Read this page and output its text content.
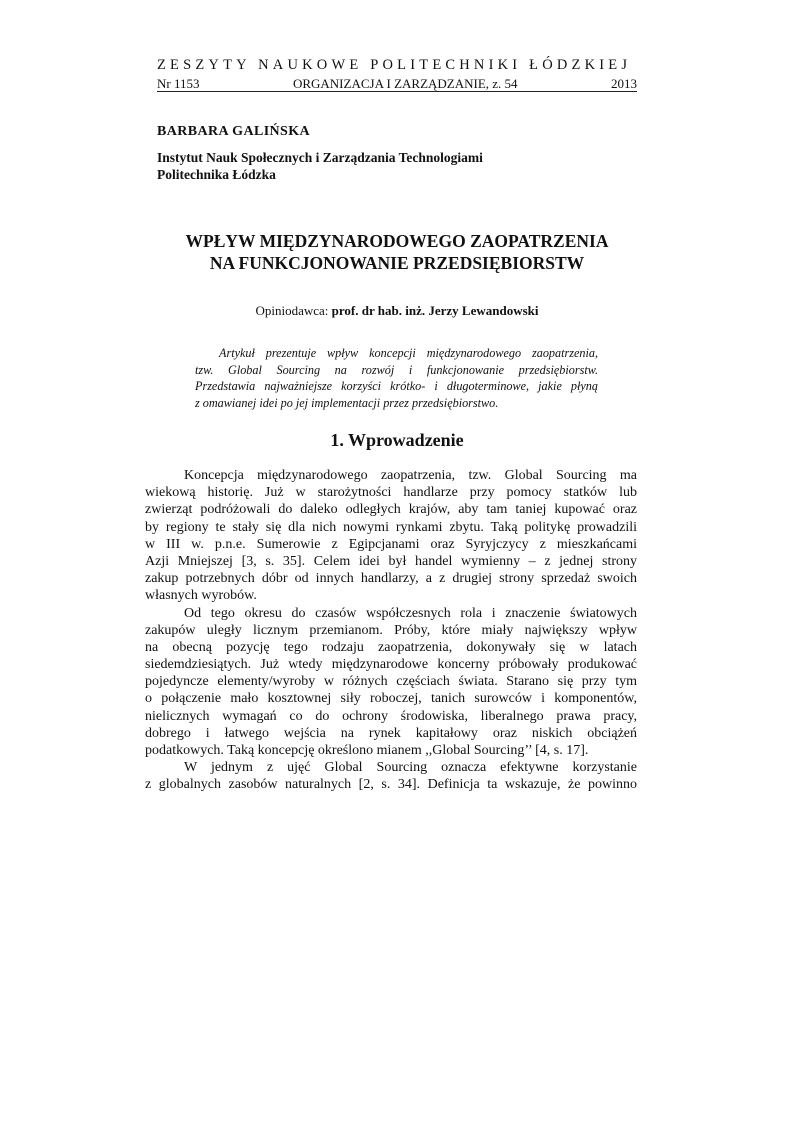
ZESZYTY NAUKOWE POLITECHNIKI ŁÓDZKIEJ
Nr 1153	ORGANIZACJA I ZARZĄDZANIE, z. 54	2013

BARBARA GALIŃSKA

Instytut Nauk Społecznych i Zarządzania Technologiami

Politechnika Łódzka

WPŁYW MIĘDZYNARODOWEGO ZAOPATRZENIA
NA FUNKCJONOWANIE PRZEDSIĘBIORSTW
Opiniodawca: prof. dr hab. inż. Jerzy Lewandowski

Artykuł prezentuje wpływ koncepcji międzynarodowego zaopatrzenia,
tzw. Global Sourcing na rozwój i funkcjonowanie przedsiębiorstw.
Przedstawia najważniejsze korzyści krótko- i długoterminowe, jakie płyną
z omawianej idei po jej implementacji przez przedsiębiorstwo.

1. Wprowadzenie
Koncepcja międzynarodowego zaopatrzenia, tzw. Global Sourcing ma
wiekową historię. Już w starożytności handlarze przy pomocy statków lub
zwierząt podróżowali do daleko odległych krajów, aby tam taniej kupować oraz
by regiony te stały się dla nich nowymi rynkami zbytu. Taką politykę prowadzili
w III w. p.n.e. Sumerowie z Egipcjanami oraz Syryjczycy z mieszkańcami
Azji Mniejszej [3, s. 35]. Celem idei był handel wymienny – z jednej strony
zakup potrzebnych dóbr od innych handlarzy, a z drugiej strony sprzedaż swoich
własnych wyrobów.
Od tego okresu do czasów współczesnych rola i znaczenie światowych
zakupów uległy licznym przemianom. Próby, które miały największy wpływ
na obecną pozycję tego rodzaju zaopatrzenia, dokonywały się w latach
siedemdziesiątych. Już wtedy międzynarodowe koncerny próbowały produkować
pojedyncze elementy/wyroby w różnych częściach świata. Starano się przy tym
o połączenie mało kosztownej siły roboczej, tanich surowców i komponentów,
nielicznych wymagań co do ochrony środowiska, liberalnego prawa pracy,
dobrego i łatwego wejścia na rynek kapitałowy oraz niskich obciążeń
podatkowych. Taką koncepcję określono mianem ,,Global Sourcing’’ [4, s. 17].
W jednym z ujęć Global Sourcing oznacza efektywne korzystanie
z globalnych zasobów naturalnych [2, s. 34]. Definicja ta wskazuje, że powinno
